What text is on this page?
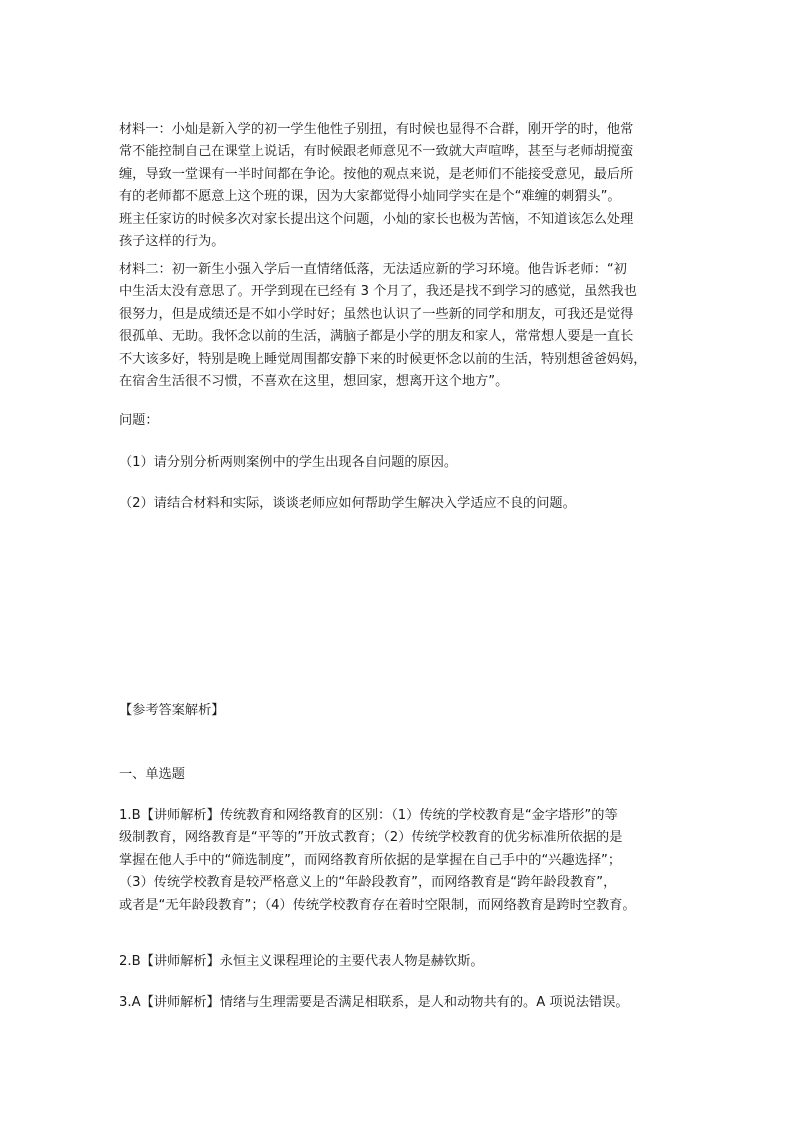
材料一：小灿是新入学的初一学生他性子别扭，有时候也显得不合群，刚开学的时，他常
常不能控制自己在课堂上说话，有时候跟老师意见不一致就大声喧哗，甚至与老师胡搅蛮
缠，导致一堂课有一半时间都在争论。按他的观点来说，是老师们不能接受意见，最后所
有的老师都不愿意上这个班的课，因为大家都觉得小灿同学实在是个“难缠的刺猬头”。
班主任家访的时候多次对家长提出这个问题，小灿的家长也极为苦恼，不知道该怎么处理
孩子这样的行为。
材料二：初一新生小强入学后一直情绪低落，无法适应新的学习环境。他告诉老师：“初
中生活太没有意思了。开学到现在已经有 3 个月了，我还是找不到学习的感觉，虽然我也
很努力，但是成绩还是不如小学时好；虽然也认识了一些新的同学和朋友，可我还是觉得
很孤单、无助。我怀念以前的生活，满脑子都是小学的朋友和家人，常常想人要是一直长
不大该多好，特别是晚上睡觉周围都安静下来的时候更怀念以前的生活，特别想爸爸妈妈，
在宿舍生活很不习惯，不喜欢在这里，想回家，想离开这个地方”。
问题：
（1）请分别分析两则案例中的学生出现各自问题的原因。
（2）请结合材料和实际，谈谈老师应如何帮助学生解决入学适应不良的问题。
【参考答案解析】
一、单选题
1.B【讲师解析】传统教育和网络教育的区别：（1）传统的学校教育是“金字塔形”的等
级制教育，网络教育是“平等的”开放式教育；（2）传统学校教育的优劣标准所依据的是
掌握在他人手中的“筛选制度”，而网络教育所依据的是掌握在自己手中的“兴趣选择”；
（3）传统学校教育是较严格意义上的“年龄段教育”，而网络教育是“跨年龄段教育”，
或者是“无年龄段教育”；（4）传统学校教育存在着时空限制，而网络教育是跨时空教育。
2.B【讲师解析】永恒主义课程理论的主要代表人物是赫钦斯。
3.A【讲师解析】情绪与生理需要是否满足相联系，是人和动物共有的。A 项说法错误。
